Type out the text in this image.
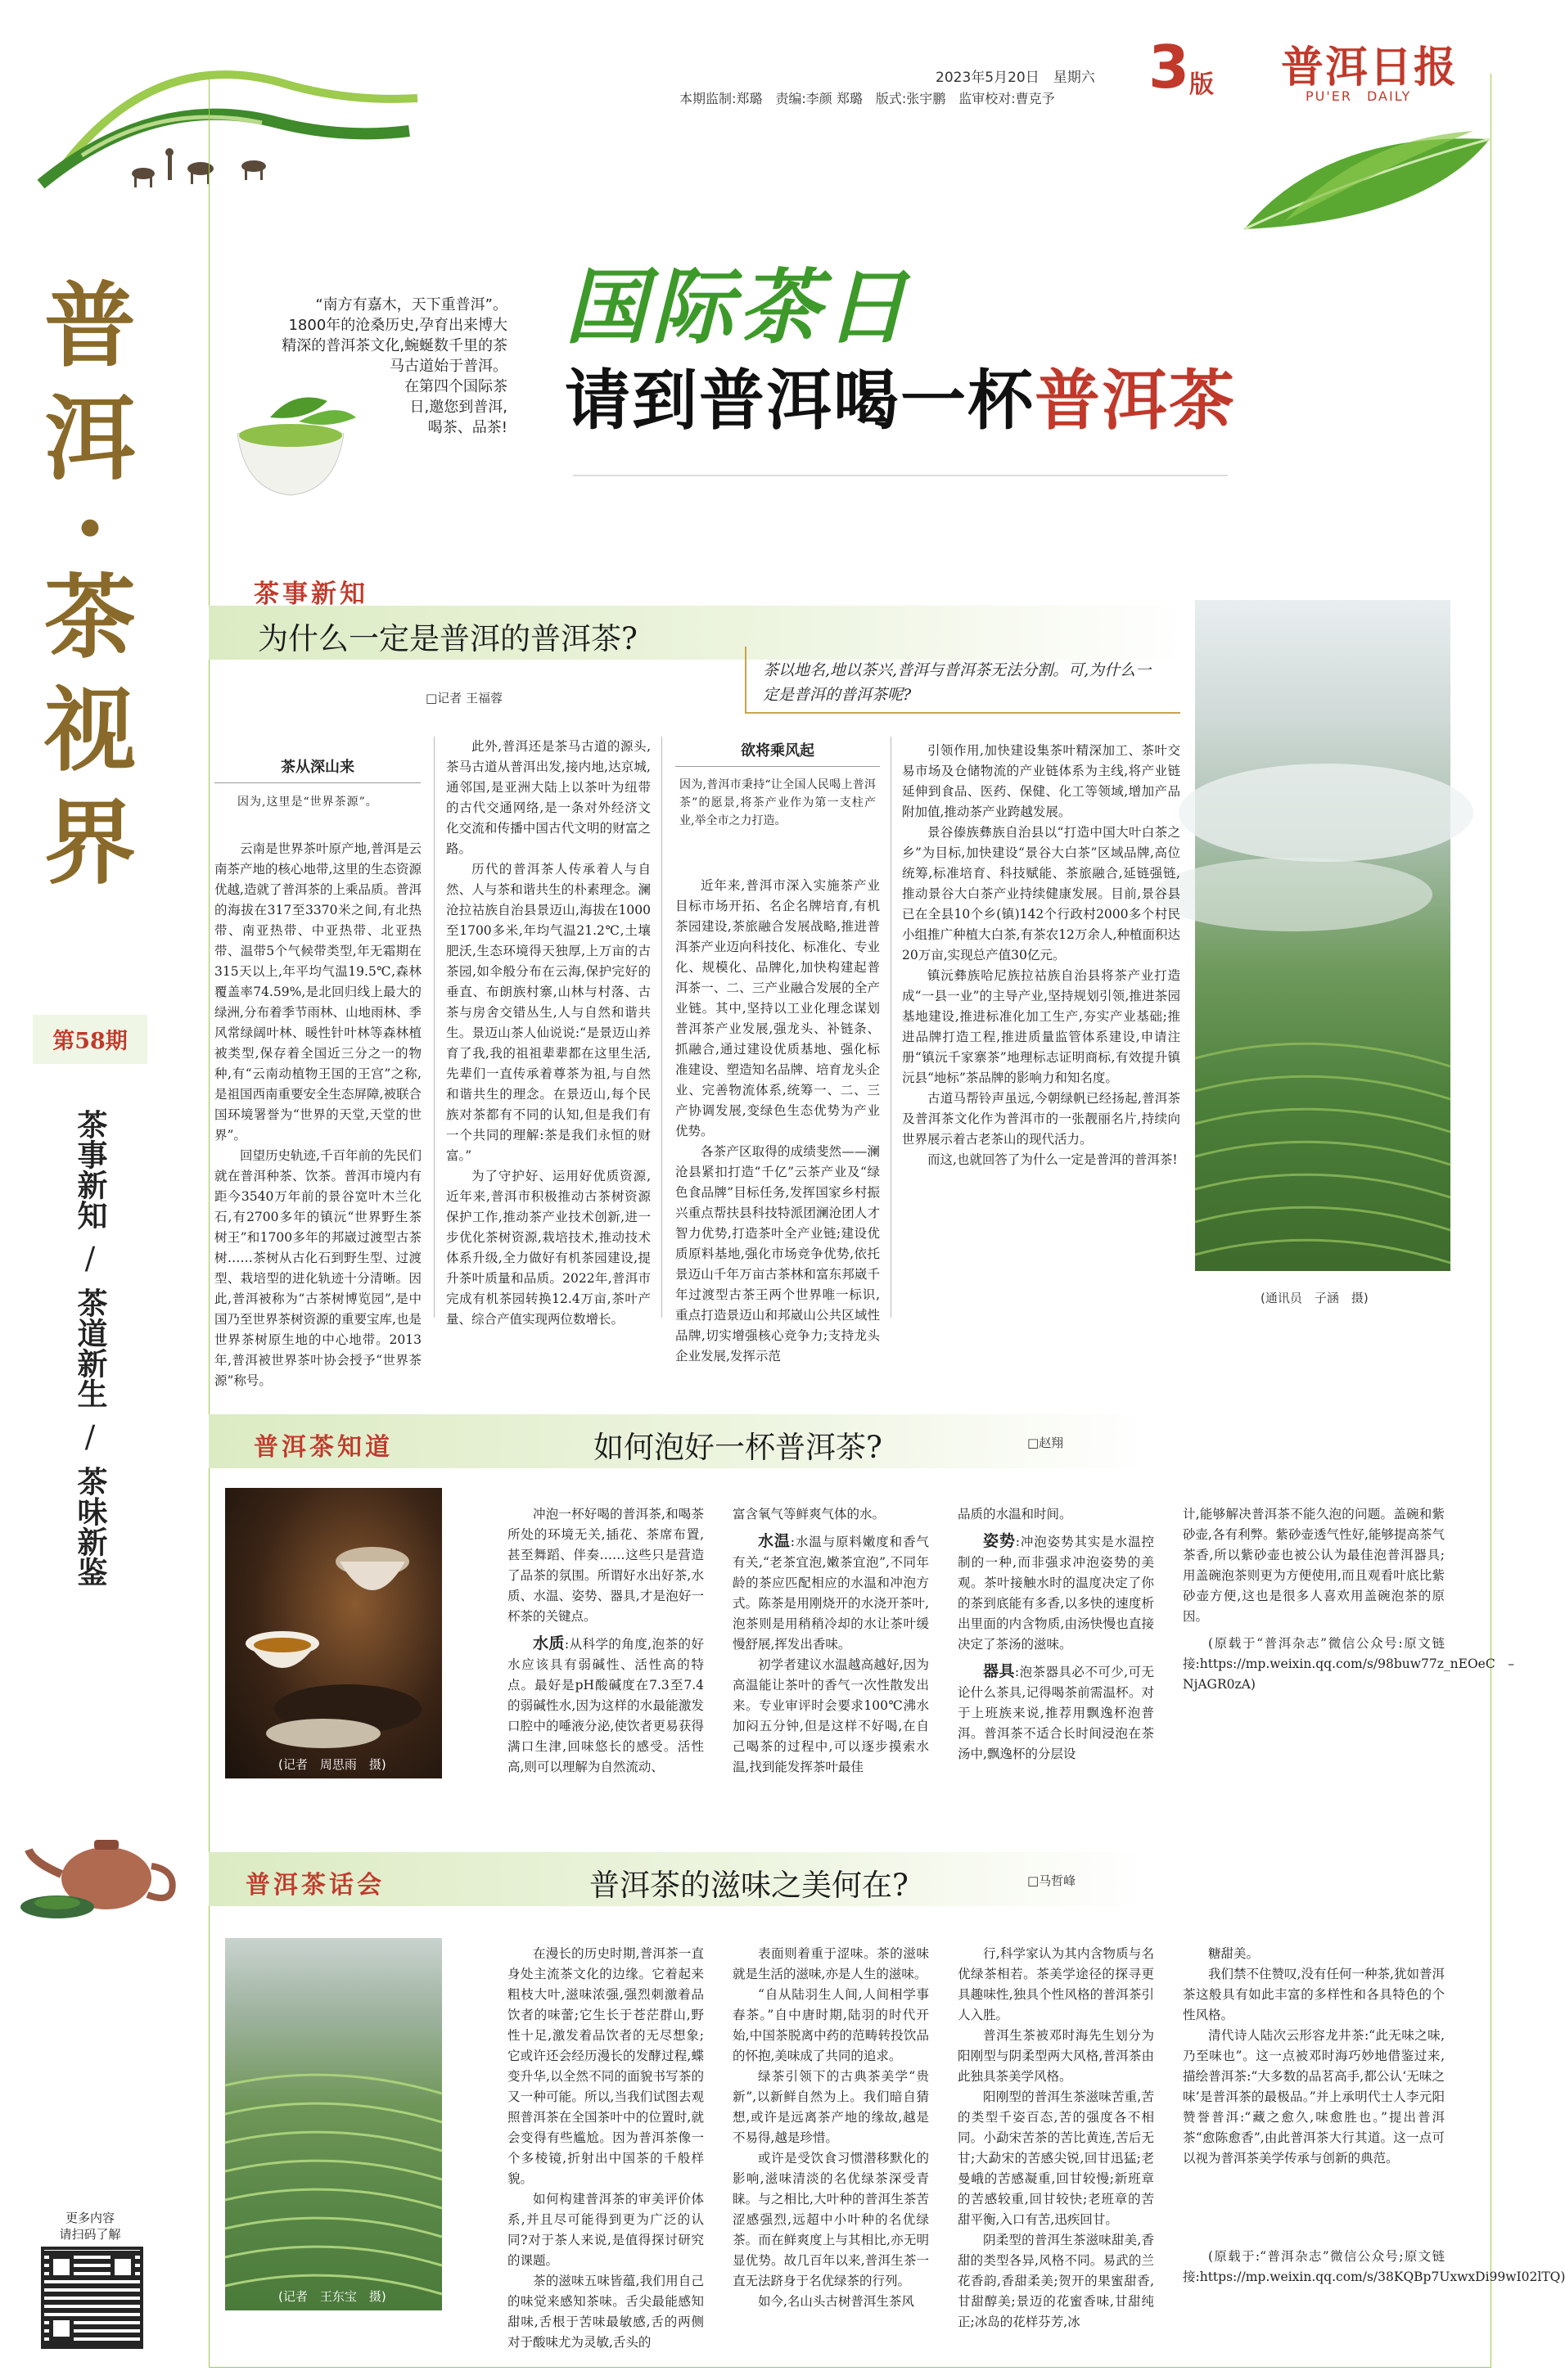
普
洱
·
茶
视
界
第58期
茶事新知
/
茶道新生
/
茶味新鉴
更多内容
请扫码了解
本期监制:郑璐　责编:李颜 郑璐　版式:张宇鹏　监审校对:曹克予
2023年5月20日　星期六 3 版 普洱日报
PU'ER　DAILY
“南方有嘉木，天下重普洱”。1800年的沧桑历史,孕育出来博大精深的普洱茶文化,蜿蜒数千里的茶马古道始于普洱。
在第四个国际茶日,邀您到普洱,喝茶、品茶!
国际茶日
请到普洱喝一杯普洱茶
茶事新知
为什么一定是普洱的普洱茶?
□记者 王福蓉
茶以地名,地以茶兴,普洱与普洱茶无法分割。可,为什么一定是普洱的普洱茶呢?
(通讯员　子涵　摄)
茶从深山来
因为,这里是“世界茶源”。

云南是世界茶叶原产地,普洱是云南茶产地的核心地带,这里的生态资源优越,造就了普洱茶的上乘品质。普洱的海拔在317至3370米之间,有北热带、南亚热带、中亚热带、北亚热带、温带5个气候带类型,年无霜期在315天以上,年平均气温19.5℃,森林覆盖率74.59%,是北回归线上最大的绿洲,分布着季节雨林、山地雨林、季风常绿阔叶林、暖性针叶林等森林植被类型,保存着全国近三分之一的物种,有“云南动植物王国的王宫”之称,是祖国西南重要安全生态屏障,被联合国环境署誉为“世界的天堂,天堂的世界”。

回望历史轨迹,千百年前的先民们就在普洱种茶、饮茶。普洱市境内有距今3540万年前的景谷宽叶木兰化石,有2700多年的镇沅“世界野生茶树王”和1700多年的邦崴过渡型古茶树……茶树从古化石到野生型、过渡型、栽培型的进化轨迹十分清晰。因此,普洱被称为“古茶树博览园”,是中国乃至世界茶树资源的重要宝库,也是世界茶树原生地的中心地带。2013年,普洱被世界茶叶协会授予“世界茶源”称号。

此外,普洱还是茶马古道的源头,茶马古道从普洱出发,接内地,达京城,通邻国,是亚洲大陆上以茶叶为纽带的古代交通网络,是一条对外经济文化交流和传播中国古代文明的财富之路。

历代的普洱茶人传承着人与自然、人与茶和谐共生的朴素理念。澜沧拉祜族自治县景迈山,海拔在1000至1700多米,年均气温21.2℃,土壤肥沃,生态环境得天独厚,上万亩的古茶园,如伞般分布在云海,保护完好的垂直、布朗族村寨,山林与村落、古茶与房舍交错丛生,人与自然和谐共生。景迈山茶人仙说说:“是景迈山养育了我,我的祖祖辈辈都在这里生活,先辈们一直传承着尊茶为祖,与自然和谐共生的理念。在景迈山,每个民族对茶都有不同的认知,但是我们有一个共同的理解:茶是我们永恒的财富。”

为了守护好、运用好优质资源,近年来,普洱市积极推动古茶树资源保护工作,推动茶产业技术创新,进一步优化茶树资源,栽培技术,推动技术体系升级,全力做好有机茶园建设,提升茶叶质量和品质。2022年,普洱市完成有机茶园转换12.4万亩,茶叶产量、综合产值实现两位数增长。

欲将乘风起
因为,普洱市秉持“让全国人民喝上普洱茶”的愿景,将茶产业作为第一支柱产业,举全市之力打造。

近年来,普洱市深入实施茶产业目标市场开拓、名企名牌培育,有机茶园建设,茶旅融合发展战略,推进普洱茶产业迈向科技化、标准化、专业化、规模化、品牌化,加快构建起普洱茶一、二、三产业融合发展的全产业链。其中,坚持以工业化理念谋划普洱茶产业发展,强龙头、补链条、抓融合,通过建设优质基地、强化标准建设、塑造知名品牌、培育龙头企业、完善物流体系,统筹一、二、三产协调发展,变绿色生态优势为产业优势。

各茶产区取得的成绩斐然——澜沧县紧扣打造“千亿”云茶产业及“绿色食品牌”目标任务,发挥国家乡村振兴重点帮扶县科技特派团澜沧团人才智力优势,打造茶叶全产业链;建设优质原料基地,强化市场竞争优势,依托景迈山千年万亩古茶林和富东邦崴千年过渡型古茶王两个世界唯一标识,重点打造景迈山和邦崴山公共区域性品牌,切实增强核心竞争力;支持龙头企业发展,发挥示范

引领作用,加快建设集茶叶精深加工、茶叶交易市场及仓储物流的产业链体系为主线,将产业链延伸到食品、医药、保健、化工等领域,增加产品附加值,推动茶产业跨越发展。

景谷傣族彝族自治县以“打造中国大叶白茶之乡”为目标,加快建设“景谷大白茶”区域品牌,高位统筹,标准培育、科技赋能、茶旅融合,延链强链,推动景谷大白茶产业持续健康发展。目前,景谷县已在全县10个乡(镇)142个行政村2000多个村民小组推广种植大白茶,有茶农12万余人,种植面积达20万亩,实现总产值30亿元。

镇沅彝族哈尼族拉祜族自治县将茶产业打造成“一县一业”的主导产业,坚持规划引领,推进茶园基地建设,推进标准化加工生产,夯实产业基础;推进品牌打造工程,推进质量监管体系建设,申请注册“镇沅千家寨茶”地理标志证明商标,有效提升镇沅县“地标”茶品牌的影响力和知名度。

古道马帮铃声虽远,今朝绿帆已经扬起,普洱茶及普洱茶文化作为普洱市的一张靓丽名片,持续向世界展示着古老茶山的现代活力。

而这,也就回答了为什么一定是普洱的普洱茶!

普洱茶知道	如何泡好一杯普洱茶?	□赵翔
(记者　周思雨　摄)

冲泡一杯好喝的普洱茶,和喝茶所处的环境无关,插花、茶席布置,甚至舞蹈、伴奏……这些只是营造了品茶的氛围。所谓好水出好茶,水质、水温、姿势、器具,才是泡好一杯茶的关键点。

水质:从科学的角度,泡茶的好水应该具有弱碱性、活性高的特点。最好是pH酸碱度在7.3至7.4的弱碱性水,因为这样的水最能激发口腔中的唾液分泌,使饮者更易获得满口生津,回味悠长的感受。活性高,则可以理解为自然流动、

富含氧气等鲜爽气体的水。

水温:水温与原料嫩度和香气有关,“老茶宜泡,嫩茶宜泡”,不同年龄的茶应匹配相应的水温和冲泡方式。陈茶是用刚烧开的水浇开茶叶,泡茶则是用稍稍冷却的水让茶叶缓慢舒展,挥发出香味。

初学者建议水温越高越好,因为高温能让茶叶的香气一次性散发出来。专业审评时会要求100℃沸水加闷五分钟,但是这样不好喝,在自己喝茶的过程中,可以逐步摸索水温,找到能发挥茶叶最佳

品质的水温和时间。

姿势:冲泡姿势其实是水温控制的一种,而非强求冲泡姿势的美观。茶叶接触水时的温度决定了你的茶到底能有多香,以多快的速度析出里面的内含物质,由汤快慢也直接决定了茶汤的滋味。

器具:泡茶器具必不可少,可无论什么茶具,记得喝茶前需温杯。对于上班族来说,推荐用飘逸杯泡普洱。普洱茶不适合长时间浸泡在茶汤中,飘逸杯的分层设

计,能够解决普洱茶不能久泡的问题。盖碗和紫砂壶,各有利弊。紫砂壶透气性好,能够提高茶气茶香,所以紫砂壶也被公认为最佳泡普洱器具;用盖碗泡茶则更为方便使用,而且观看叶底比紫砂壶方便,这也是很多人喜欢用盖碗泡茶的原因。

(原载于“普洱杂志”微信公众号:原文链接:https://mp.weixin.qq.com/s/98buw77z_nEOeC　–　NjAGR0zA)

普洱茶话会	普洱茶的滋味之美何在?	□马哲峰
(记者　王东宝　摄)

在漫长的历史时期,普洱茶一直身处主流茶文化的边缘。它着起来粗枝大叶,滋味浓强,强烈刺激着品饮者的味蕾;它生长于苍茫群山,野性十足,激发着品饮者的无尽想象;它或许还会经历漫长的发酵过程,蝶变升华,以全然不同的面貌书写茶的又一种可能。所以,当我们试图去观照普洱茶在全国茶叶中的位置时,就会变得有些尴尬。因为普洱茶像一个多棱镜,折射出中国茶的千般样貌。

如何构建普洱茶的审美评价体系,并且尽可能得到更为广泛的认同?对于茶人来说,是值得探讨研究的课题。

茶的滋味五味皆蕴,我们用自己的味觉来感知茶味。舌尖最能感知甜味,舌根于苦味最敏感,舌的两侧对于酸味尤为灵敏,舌头的

表面则着重于涩味。茶的滋味就是生活的滋味,亦是人生的滋味。

“自从陆羽生人间,人间相学事春茶。”自中唐时期,陆羽的时代开始,中国茶脱离中药的范畴转投饮品的怀抱,美味成了共同的追求。

绿茶引领下的古典茶美学“贵新”,以新鲜自然为上。我们暗自猜想,或许是远离茶产地的缘故,越是不易得,越是珍惜。

或许是受饮食习惯潜移默化的影响,滋味清淡的名优绿茶深受青睐。与之相比,大叶种的普洱生茶苦涩感强烈,远超中小叶种的名优绿茶。而在鲜爽度上与其相比,亦无明显优势。故几百年以来,普洱生茶一直无法跻身于名优绿茶的行列。

如今,名山头古树普洱生茶风

行,科学家认为其内含物质与名优绿茶相若。茶美学途径的探寻更具趣味性,独具个性风格的普洱茶引人入胜。

普洱生茶被邓时海先生划分为阳刚型与阴柔型两大风格,普洱茶由此独具茶美学风格。

阳刚型的普洱生茶滋味苦重,苦的类型千姿百态,苦的强度各不相同。小勐宋苦茶的苦比黄连,苦后无甘;大勐宋的苦感尖锐,回甘迅猛;老曼峨的苦感凝重,回甘较慢;新班章的苦感较重,回甘较快;老班章的苦甜平衡,入口有苦,迅疾回甘。

阴柔型的普洱生茶滋味甜美,香甜的类型各异,风格不同。易武的兰花香韵,香甜柔美;贺开的果蜜甜香,甘甜醇美;景迈的花蜜香味,甘甜纯正;冰岛的花样芬芳,冰

糖甜美。

我们禁不住赞叹,没有任何一种茶,犹如普洱茶这般具有如此丰富的多样性和各具特色的个性风格。

清代诗人陆次云形容龙井茶:“此无味之味,乃至味也”。这一点被邓时海巧妙地借鉴过来,描绘普洱茶:“大多数的品茗高手,都公认‘无味之味’是普洱茶的最极品。”并上承明代士人李元阳赞誉普洱:“藏之愈久,味愈胜也。”提出普洱茶“愈陈愈香”,由此普洱茶大行其道。这一点可以视为普洱茶美学传承与创新的典范。

(原载于:“普洱杂志”微信公众号;原文链接:https://mp.weixin.qq.com/s/38KQBp7UxwxDi99wI02lTQ)
